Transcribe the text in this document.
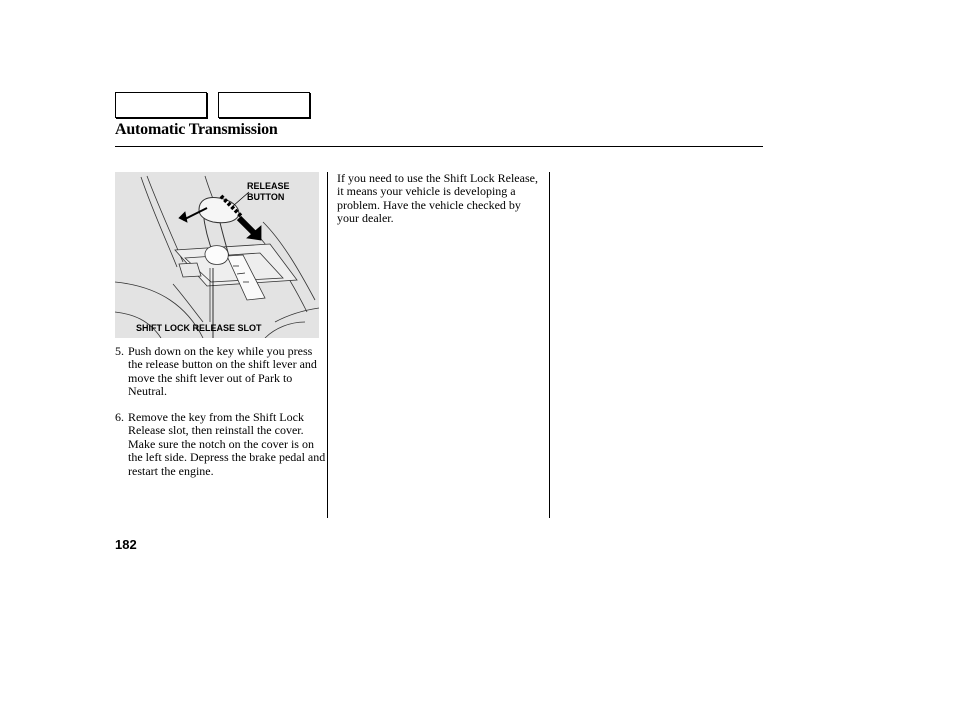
Automatic Transmission
RELEASE
BUTTON
SHIFT LOCK RELEASE SLOT
5. Push down on the key while you press the release button on the shift lever and move the shift lever out of Park to Neutral.
6. Remove the key from the Shift Lock Release slot, then reinstall the cover. Make sure the notch on the cover is on the left side. Depress the brake pedal and restart the engine.
If you need to use the Shift Lock Release, it means your vehicle is developing a problem. Have the vehicle checked by your dealer.
182
